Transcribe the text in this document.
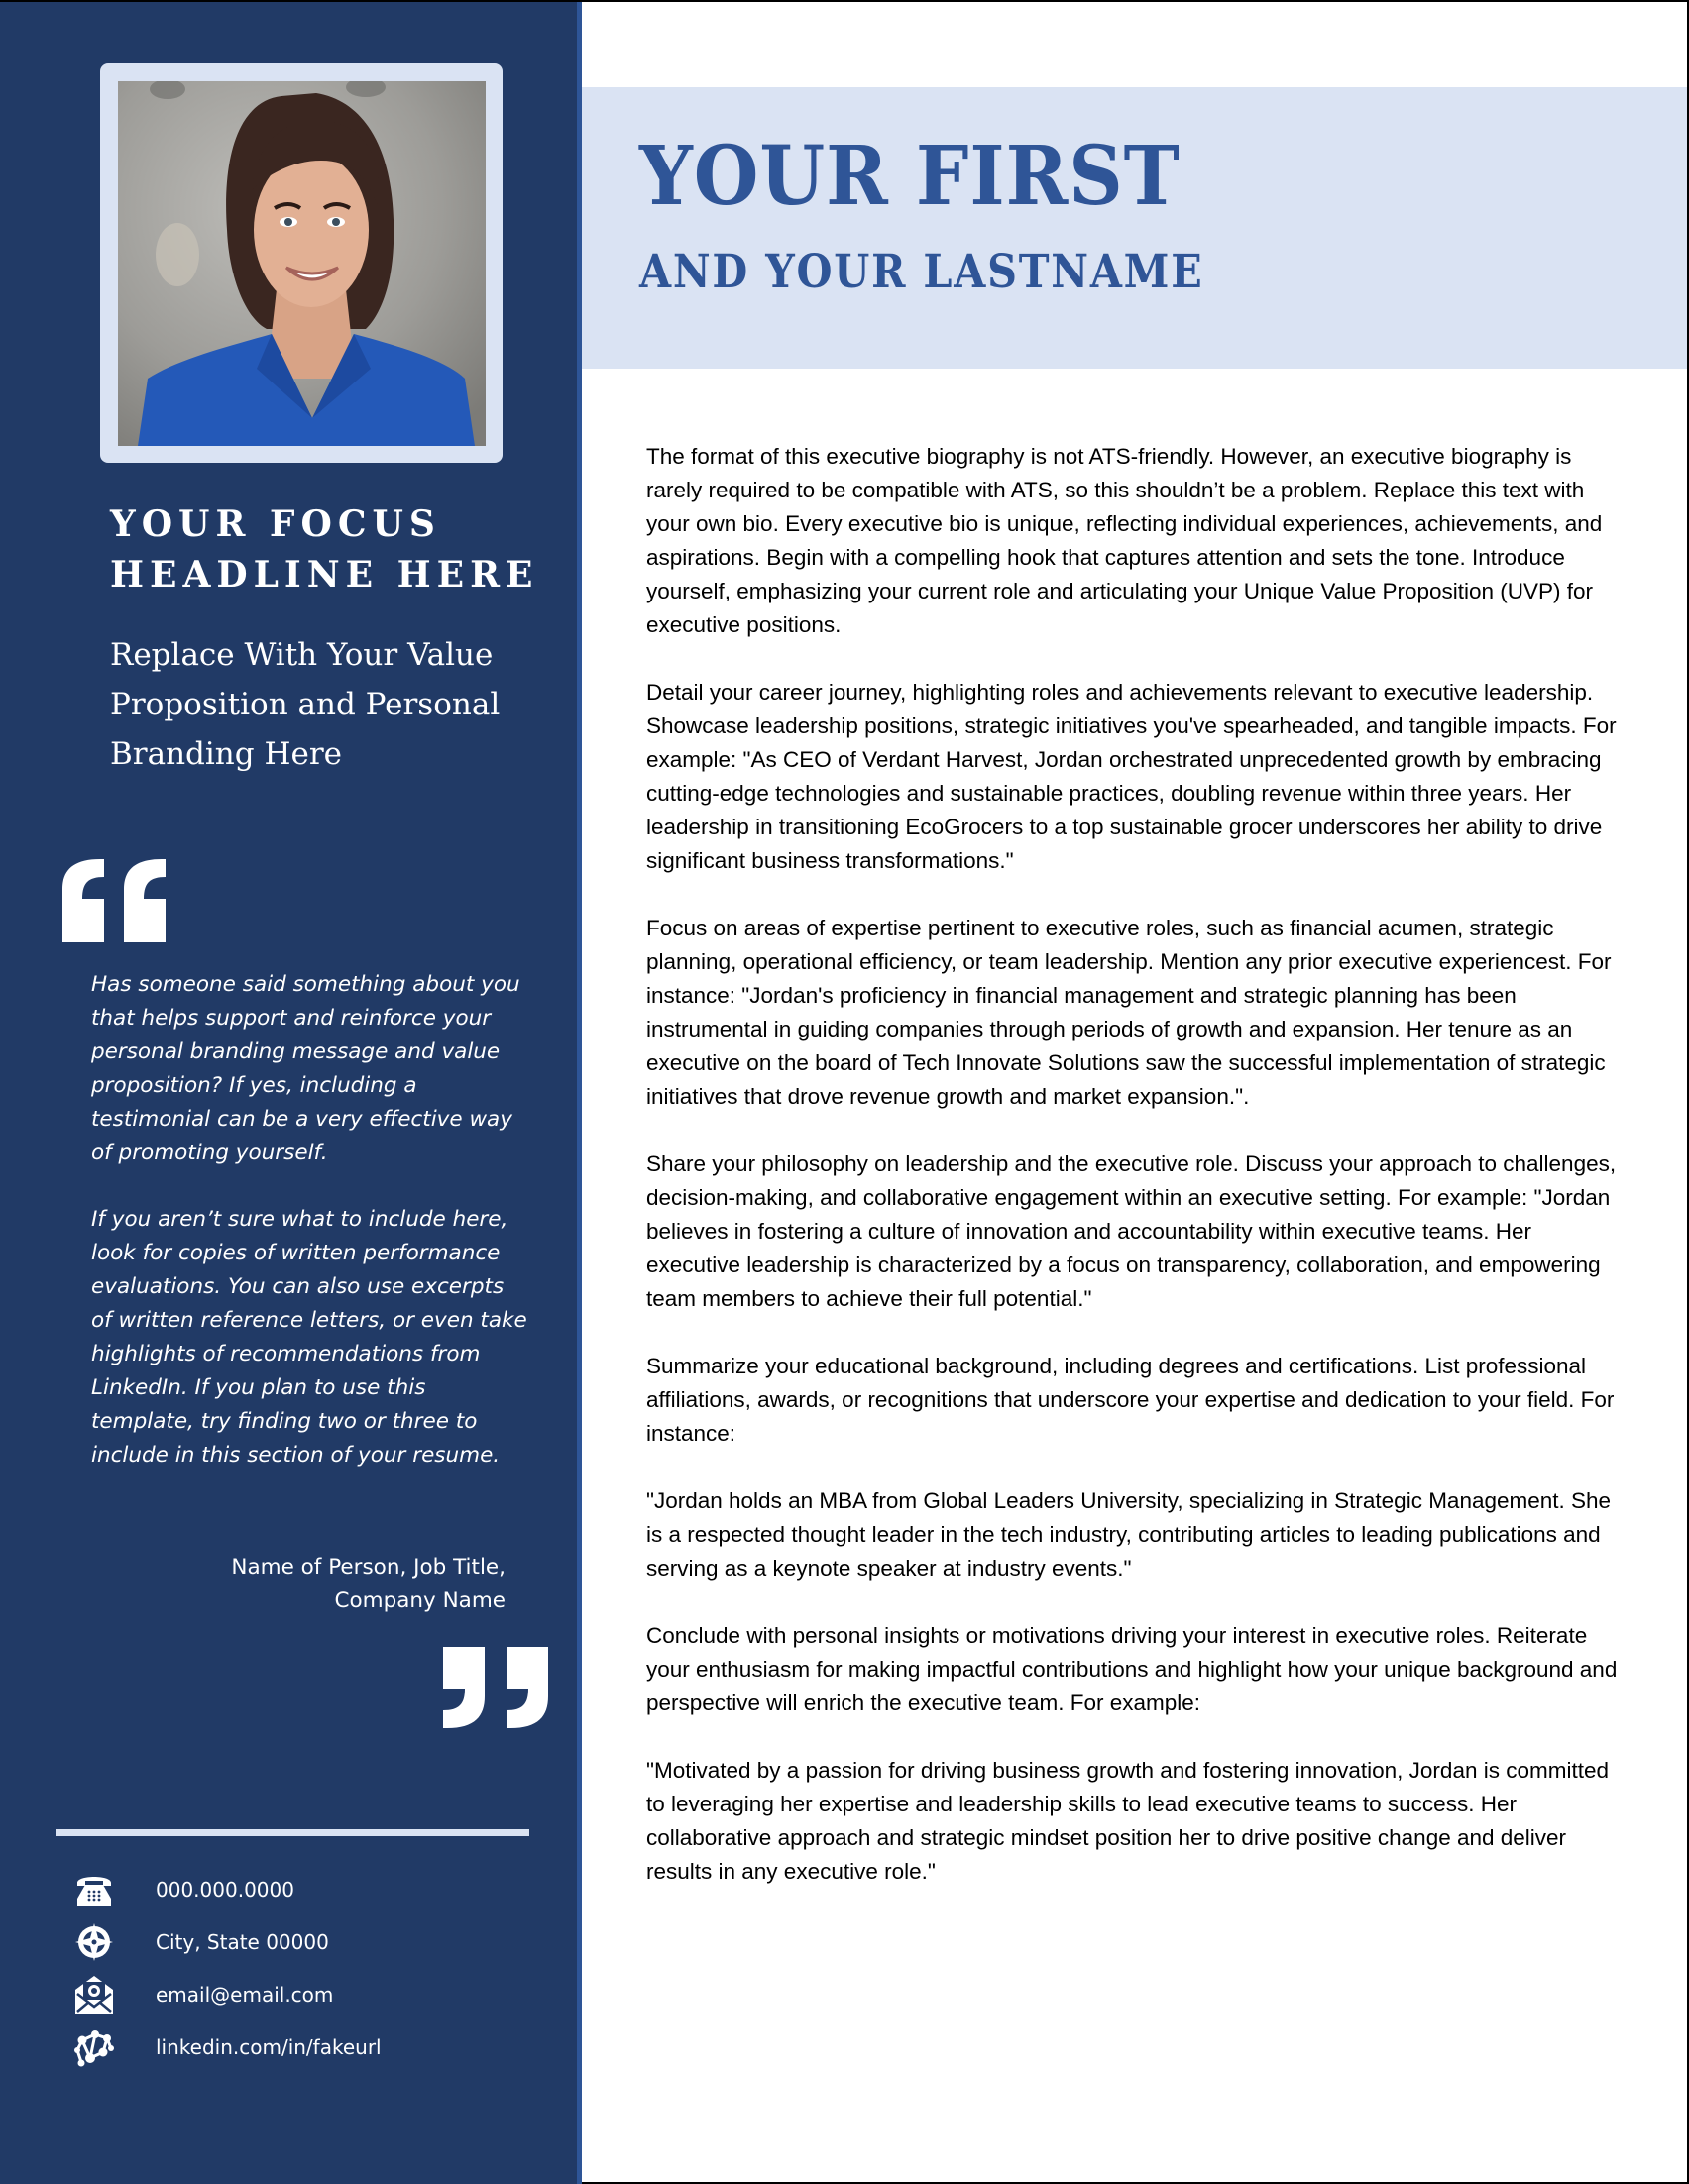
YOUR FOCUS
HEADLINE HERE
Replace With Your Value
Proposition and Personal
Branding Here
Has someone said something about you that helps support and reinforce your personal branding message and value proposition? If yes, including a testimonial can be a very effective way of promoting yourself.
If you aren’t sure what to include here, look for copies of written performance evaluations. You can also use excerpts of written reference letters, or even take highlights of recommendations from LinkedIn. If you plan to use this template, try finding two or three to include in this section of your resume.
Name of Person, Job Title,
Company Name
000.000.0000
City, State 00000
email@email.com
linkedin.com/in/fakeurl
YOUR FIRST
AND YOUR LASTNAME

The format of this executive biography is not ATS-friendly. However, an executive biography is rarely required to be compatible with ATS, so this shouldn’t be a problem. Replace this text with your own bio. Every executive bio is unique, reflecting individual experiences, achievements, and aspirations. Begin with a compelling hook that captures attention and sets the tone. Introduce yourself, emphasizing your current role and articulating your Unique Value Proposition (UVP) for executive positions.

Detail your career journey, highlighting roles and achievements relevant to executive leadership. Showcase leadership positions, strategic initiatives you've spearheaded, and tangible impacts. For example: "As CEO of Verdant Harvest, Jordan orchestrated unprecedented growth by embracing cutting-edge technologies and sustainable practices, doubling revenue within three years. Her leadership in transitioning EcoGrocers to a top sustainable grocer underscores her ability to drive significant business transformations."

Focus on areas of expertise pertinent to executive roles, such as financial acumen, strategic planning, operational efficiency, or team leadership. Mention any prior executive experiencest. For instance: "Jordan's proficiency in financial management and strategic planning has been instrumental in guiding companies through periods of growth and expansion. Her tenure as an executive on the board of Tech Innovate Solutions saw the successful implementation of strategic initiatives that drove revenue growth and market expansion.".

Share your philosophy on leadership and the executive role. Discuss your approach to challenges, decision-making, and collaborative engagement within an executive setting. For example: "Jordan believes in fostering a culture of innovation and accountability within executive teams. Her executive leadership is characterized by a focus on transparency, collaboration, and empowering team members to achieve their full potential."

Summarize your educational background, including degrees and certifications. List professional affiliations, awards, or recognitions that underscore your expertise and dedication to your field. For instance:

"Jordan holds an MBA from Global Leaders University, specializing in Strategic Management. She is a respected thought leader in the tech industry, contributing articles to leading publications and serving as a keynote speaker at industry events."

Conclude with personal insights or motivations driving your interest in executive roles. Reiterate your enthusiasm for making impactful contributions and highlight how your unique background and perspective will enrich the executive team. For example:

"Motivated by a passion for driving business growth and fostering innovation, Jordan is committed to leveraging her expertise and leadership skills to lead executive teams to success. Her collaborative approach and strategic mindset position her to drive positive change and deliver results in any executive role."
